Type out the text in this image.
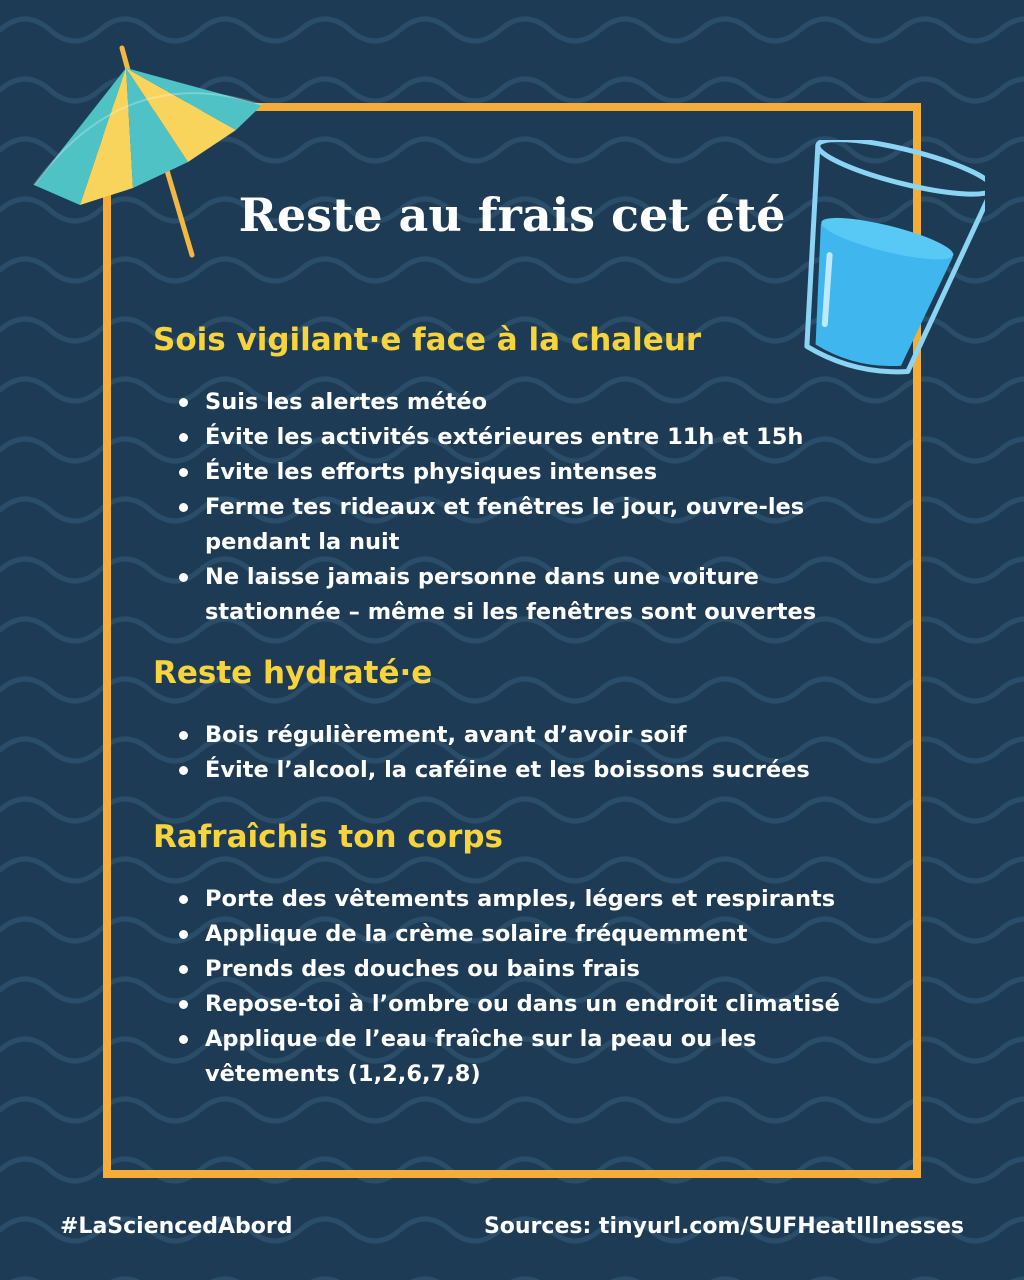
Reste au frais cet été
Sois vigilant·e face à la chaleur
Suis les alertes météo
Évite les activités extérieures entre 11h et 15h
Évite les efforts physiques intenses
Ferme tes rideaux et fenêtres le jour, ouvre-les pendant la nuit
Ne laisse jamais personne dans une voiture stationnée – même si les fenêtres sont ouvertes
Reste hydraté·e
Bois régulièrement, avant d’avoir soif
Évite l’alcool, la caféine et les boissons sucrées
Rafraîchis ton corps
Porte des vêtements amples, légers et respirants
Applique de la crème solaire fréquemment
Prends des douches ou bains frais
Repose-toi à l’ombre ou dans un endroit climatisé
Applique de l’eau fraîche sur la peau ou les vêtements (1,2,6,7,8)

#LaSciencedAbord	Sources: tinyurl.com/SUFHeatIllnesses
